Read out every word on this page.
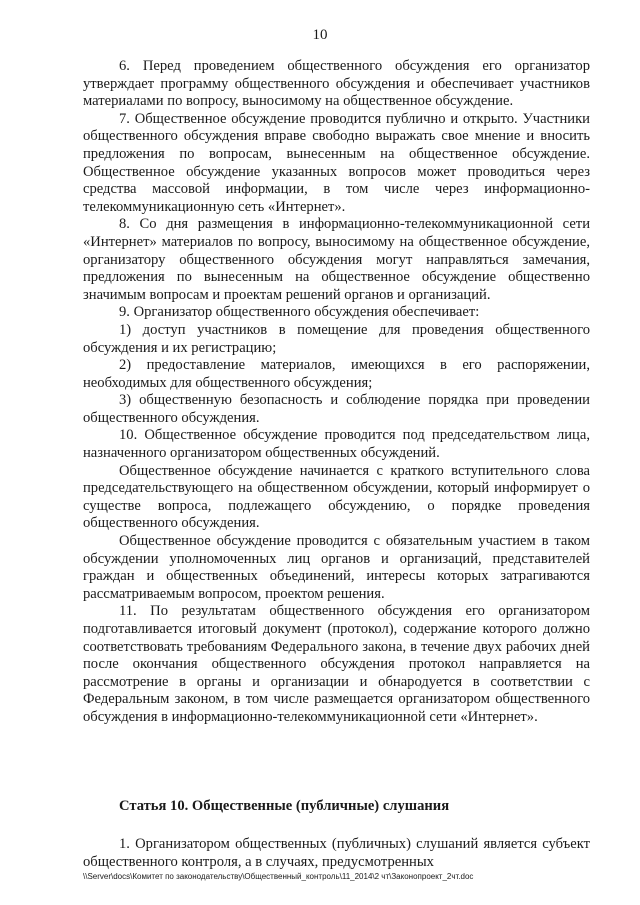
10

6. Перед проведением общественного обсуждения его организатор утверждает программу общественного обсуждения и обеспечивает участников материалами по вопросу, выносимому на общественное обсуждение.

7. Общественное обсуждение проводится публично и открыто. Участники общественного обсуждения вправе свободно выражать свое мнение и вносить предложения по вопросам, вынесенным на общественное обсуждение. Общественное обсуждение указанных вопросов может проводиться через средства массовой информации, в том числе через информационно-телекоммуникационную сеть «Интернет».

8. Со дня размещения в информационно-телекоммуникационной сети «Интернет» материалов по вопросу, выносимому на общественное обсуждение, организатору общественного обсуждения могут направляться замечания, предложения по вынесенным на общественное обсуждение общественно значимым вопросам и проектам решений органов и организаций.

9. Организатор общественного обсуждения обеспечивает:

1) доступ участников в помещение для проведения общественного обсуждения и их регистрацию;

2) предоставление материалов, имеющихся в его распоряжении, необходимых для общественного обсуждения;

3) общественную безопасность и соблюдение порядка при проведении общественного обсуждения.

10. Общественное обсуждение проводится под председательством лица, назначенного организатором общественных обсуждений.

Общественное обсуждение начинается с краткого вступительного слова председательствующего на общественном обсуждении, который информирует о существе вопроса, подлежащего обсуждению, о порядке проведения общественного обсуждения.

Общественное обсуждение проводится с обязательным участием в таком обсуждении уполномоченных лиц органов и организаций, представителей граждан и общественных объединений, интересы которых затрагиваются рассматриваемым вопросом, проектом решения.

11. По результатам общественного обсуждения его организатором подготавливается итоговый документ (протокол), содержание которого должно соответствовать требованиям Федерального закона, в течение двух рабочих дней после окончания общественного обсуждения протокол направляется на рассмотрение в органы и организации и обнародуется в соответствии с Федеральным законом, в том числе размещается организатором общественного обсуждения в информационно-телекоммуникационной сети «Интернет».

Статья 10. Общественные (публичные) слушания

1. Организатором общественных (публичных) слушаний является субъект общественного контроля, а в случаях, предусмотренных

\\Server\docs\Комитет по законодательству\Общественный_контроль\11_2014\2 чт\Законопроект_2чт.doc
